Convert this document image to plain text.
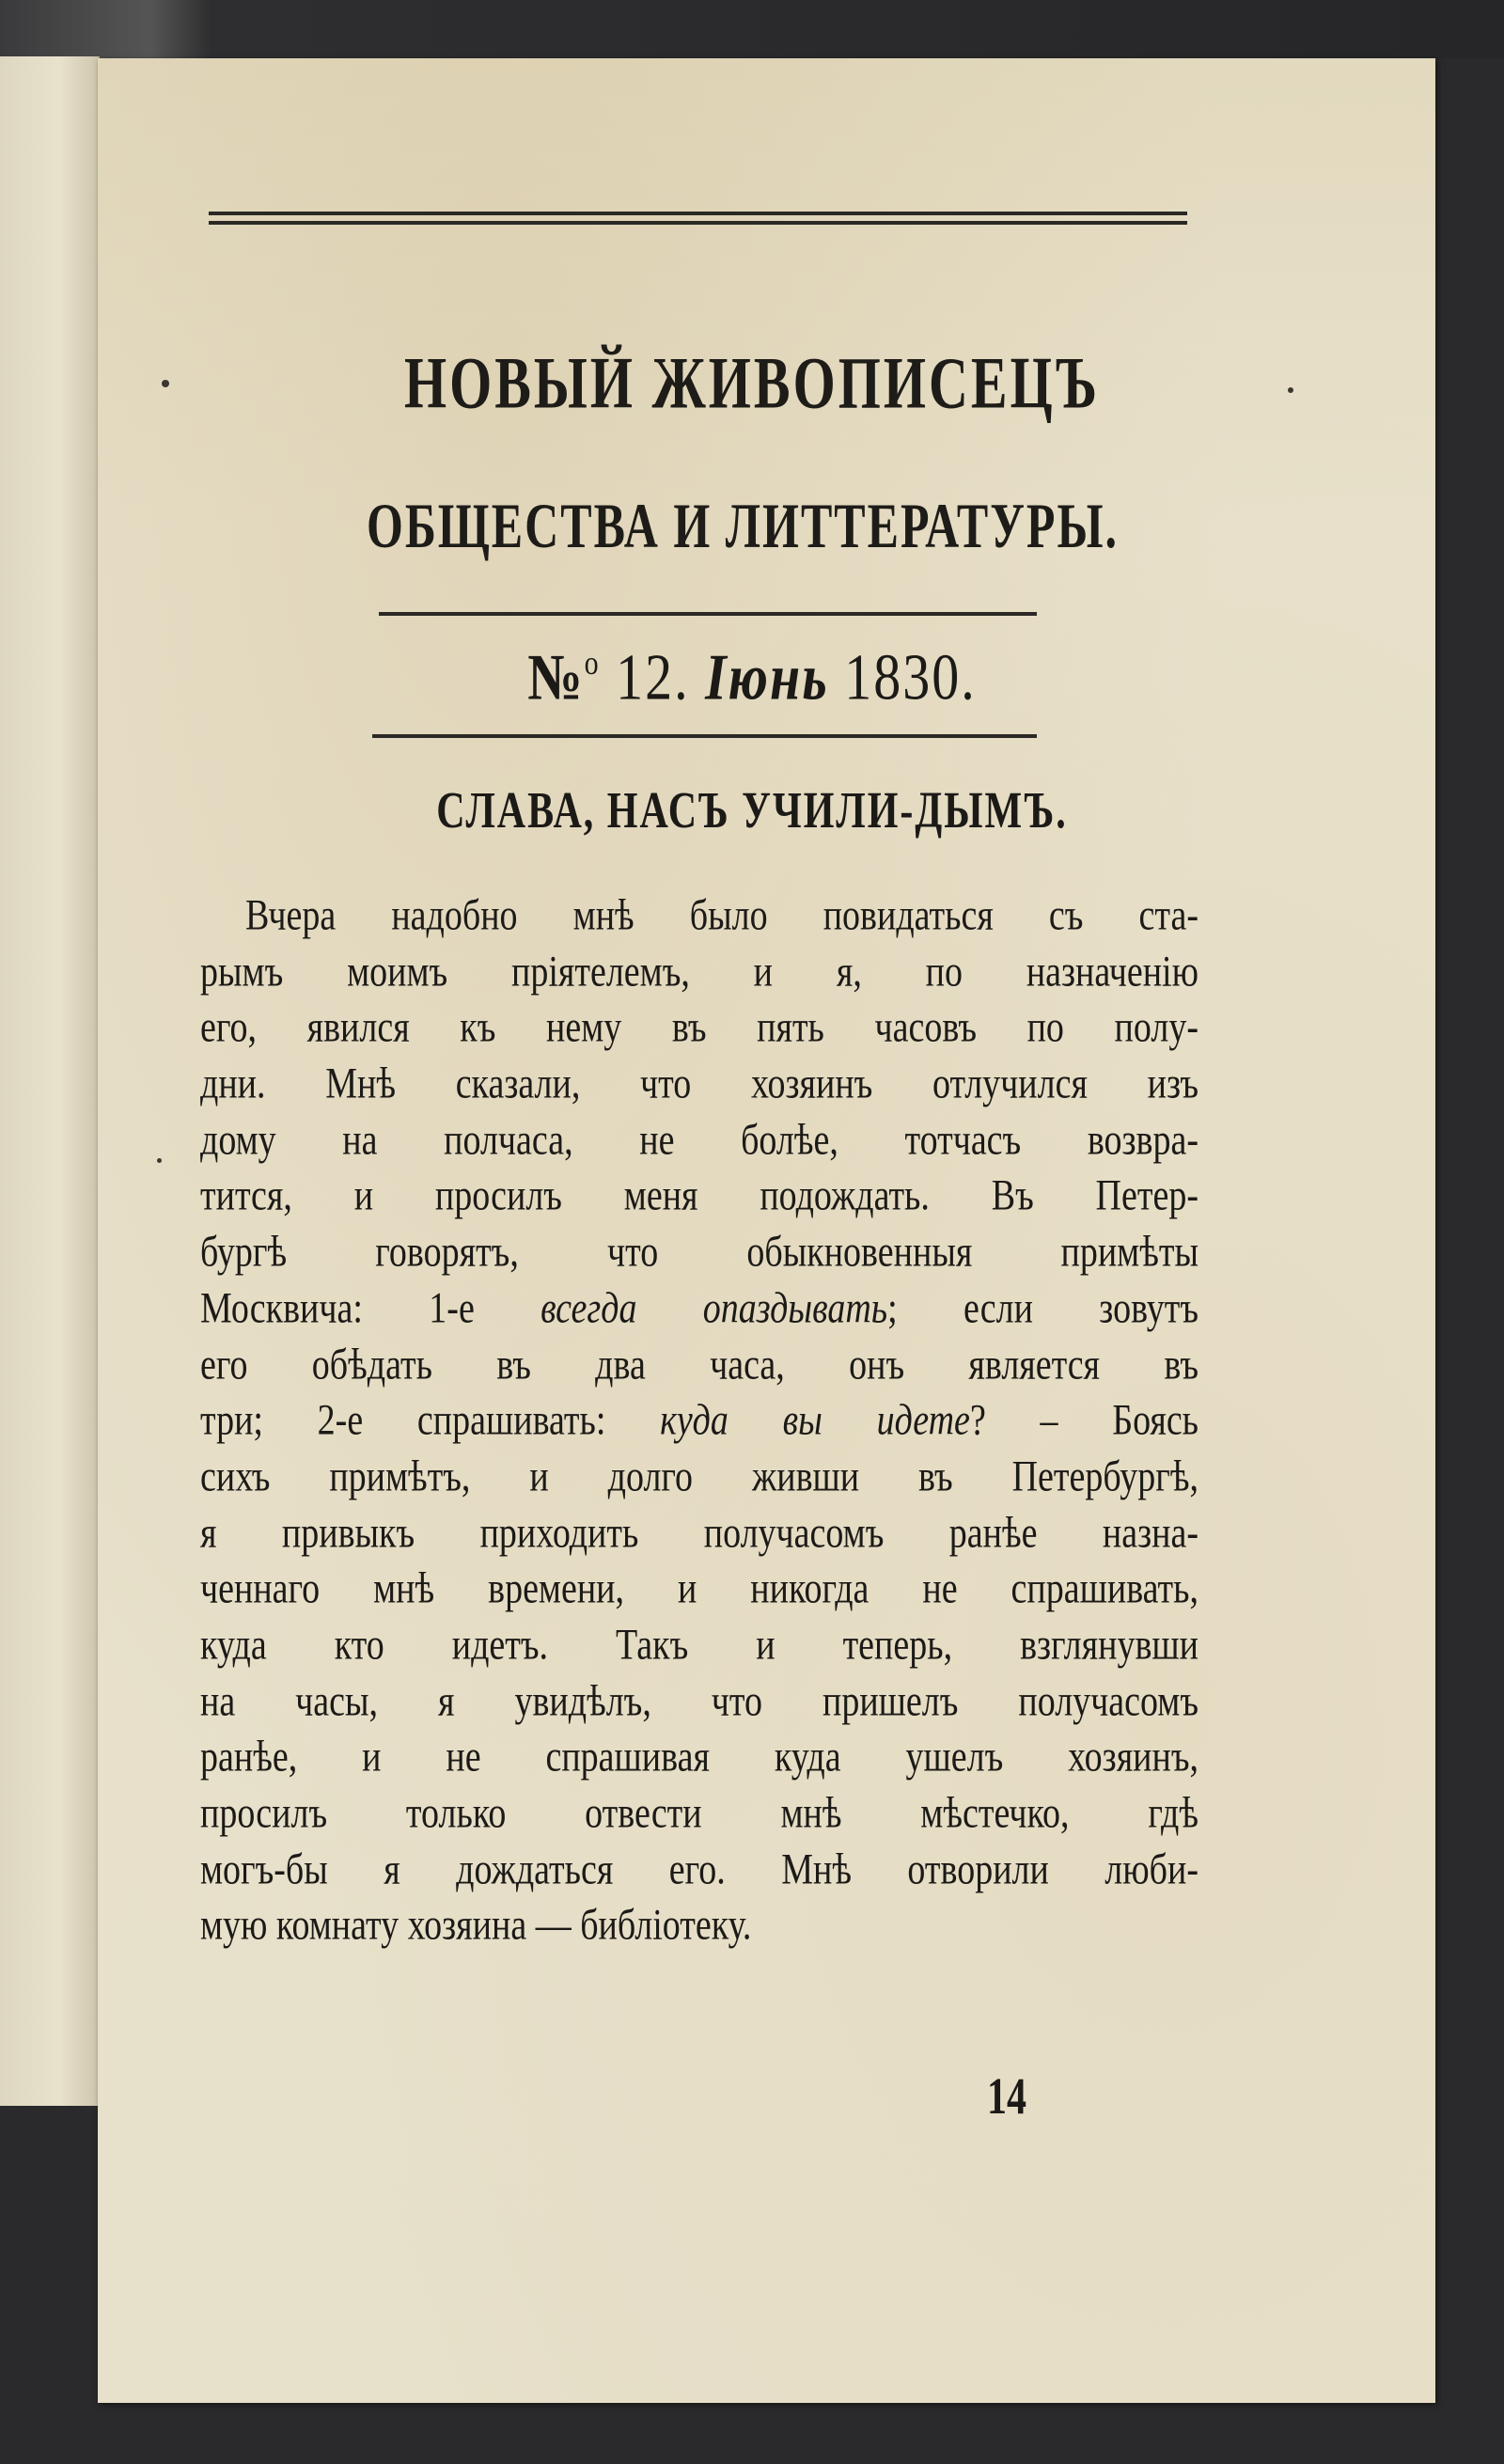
НОВЫЙ ЖИВОПИСЕЦЪ
ОБЩЕСТВА И ЛИТТЕРАТУРЫ.
№$^o$ 12. Іюнь 1830.
СЛАВА, НАСЪ УЧИЛИ-ДЫМЪ.
Вчера надобно мнѣ было повидаться съ ста-
рымъ моимъ пріятелемъ, и я, по назначенію
его, явился къ нему въ пять часовъ по полу-
дни. Мнѣ сказали, что хозяинъ отлучился изъ
дому на полчаса, не болѣе, тотчасъ возвра-
тится, и просилъ меня подождать. Въ Петер-
бургѣ говорятъ, что обыкновенныя примѣты
Москвича: 1-е всегда опаздывать; если зовутъ
его обѣдать въ два часа, онъ является въ
три; 2-е спрашивать: куда вы идете? – Боясь
сихъ примѣтъ, и долго живши въ Петербургѣ,
я привыкъ приходить получасомъ ранѣе назна-
ченнаго мнѣ времени, и никогда не спрашивать,
куда кто идетъ. Такъ и теперь, взглянувши
на часы, я увидѣлъ, что пришелъ получасомъ
ранѣе, и не спрашивая куда ушелъ хозяинъ,
просилъ только отвести мнѣ мѣстечко, гдѣ
могъ-бы я дождаться его. Мнѣ отворили люби-
мую комнату хозяина — библіотеку.
14
